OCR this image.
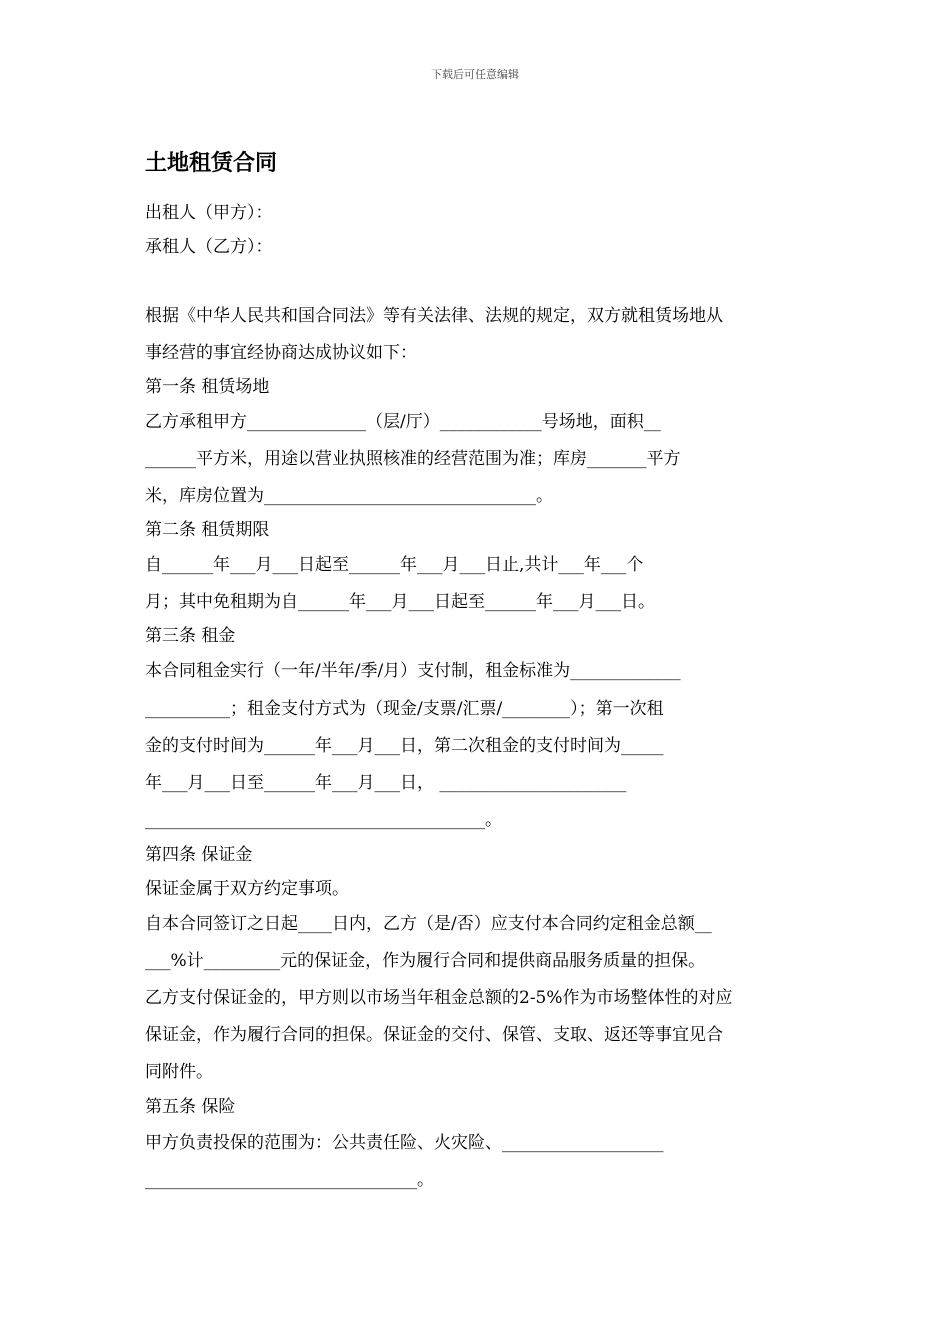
下载后可任意编辑
土地租赁合同
出租人（甲方）：
承租人（乙方）：
根据《中华人民共和国合同法》等有关法律、法规的规定，双方就租赁场地从
事经营的事宜经协商达成协议如下：
第一条 租赁场地
乙方承租甲方______________（层/厅）____________号场地，面积__
______平方米，用途以营业执照核准的经营范围为准；库房_______平方
米，库房位置为________________________________。
第二条 租赁期限
自______年___月___日起至______年___月___日止,共计___年___个
月；其中免租期为自______年___月___日起至______年___月___日。
第三条 租金
本合同租金实行（一年/半年/季/月）支付制，租金标准为_____________
__________；租金支付方式为（现金/支票/汇票/________）；第一次租
金的支付时间为______年___月___日，第二次租金的支付时间为_____
年___月___日至______年___月___日， ______________________
________________________________________。
第四条 保证金
保证金属于双方约定事项。
自本合同签订之日起____日内，乙方（是/否）应支付本合同约定租金总额__
___%计_________元的保证金，作为履行合同和提供商品服务质量的担保。
乙方支付保证金的，甲方则以市场当年租金总额的2-5%作为市场整体性的对应
保证金，作为履行合同的担保。保证金的交付、保管、支取、返还等事宜见合
同附件。
第五条 保险
甲方负责投保的范围为：公共责任险、火灾险、___________________
________________________________。
